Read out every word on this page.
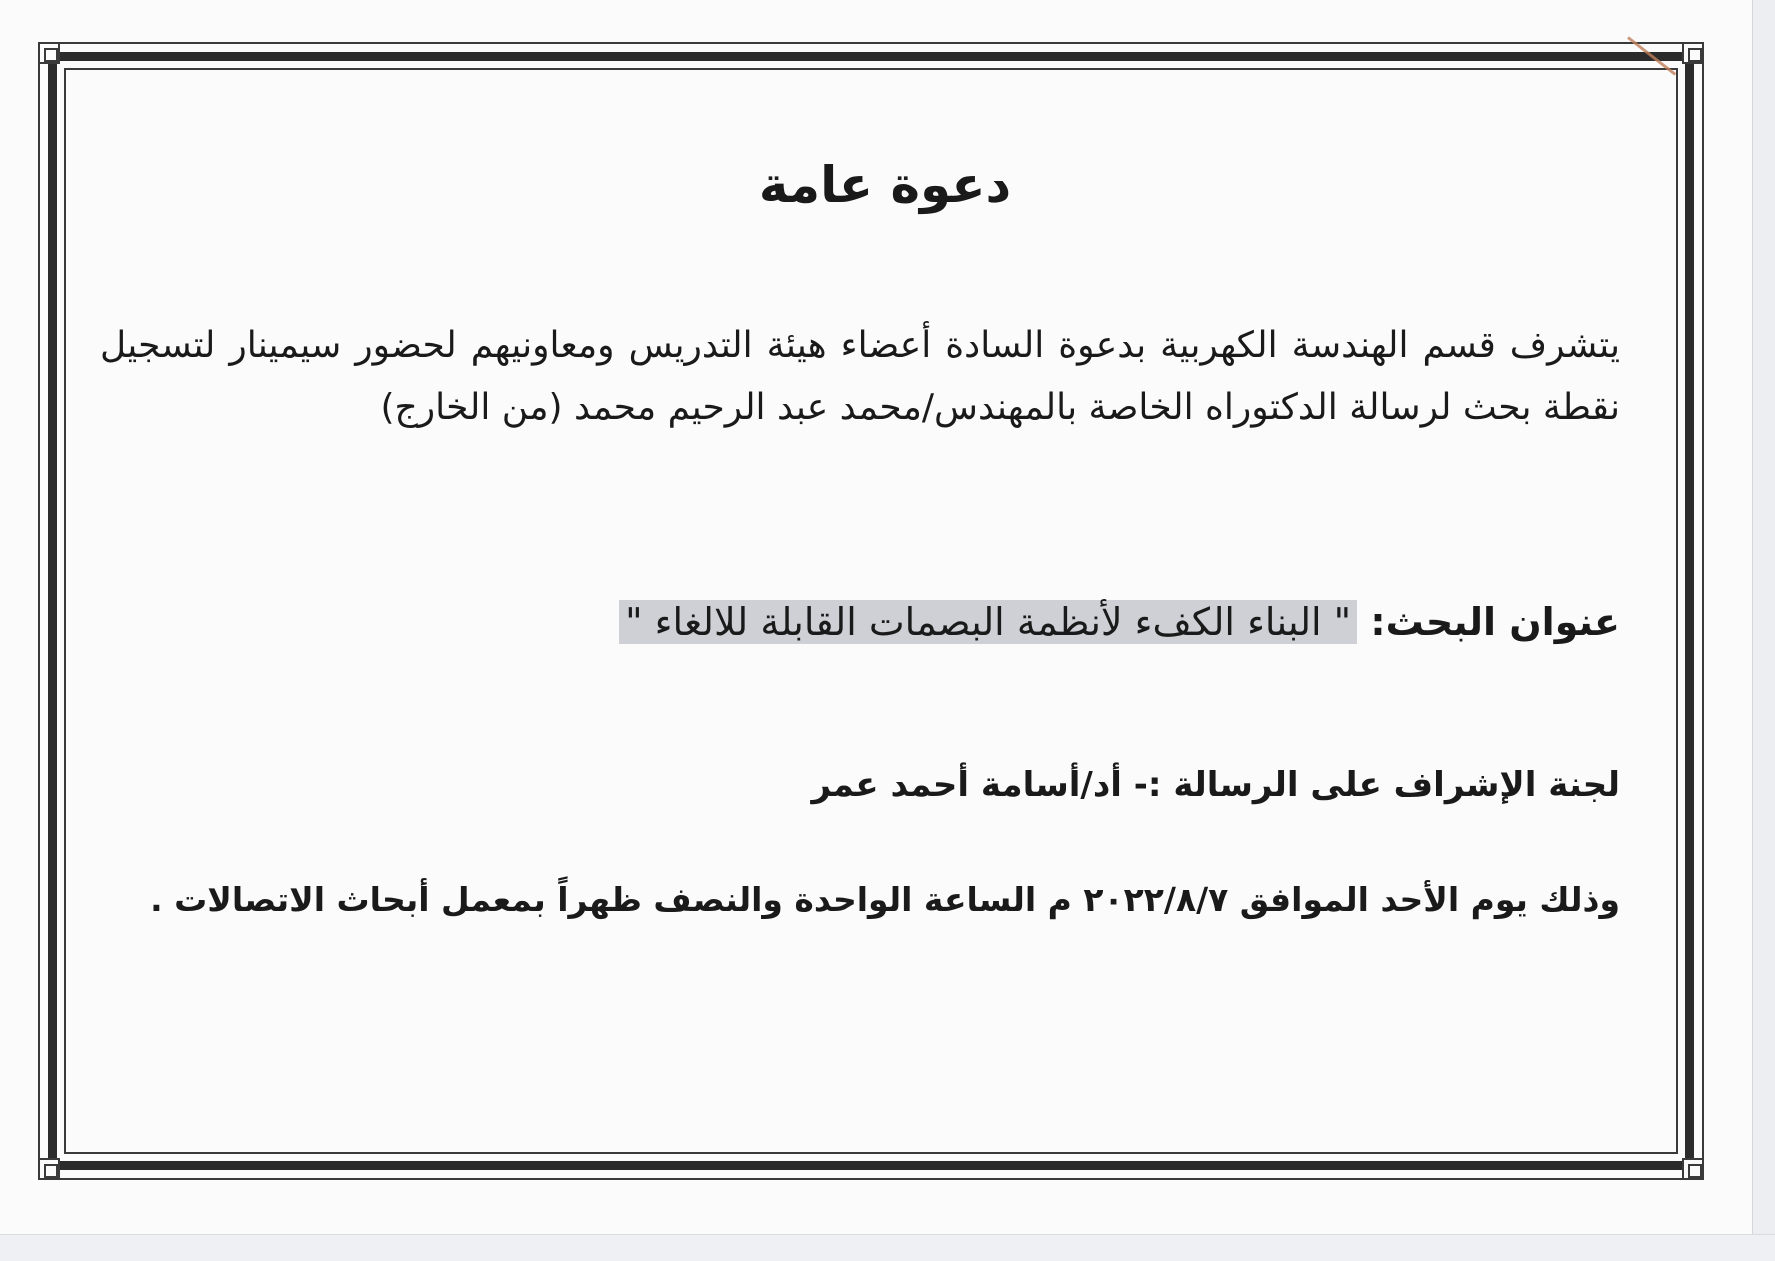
دعوة عامة
يتشرف قسم الهندسة الكهربية بدعوة السادة أعضاء هيئة التدريس ومعاونيهم لحضور سيمينار لتسجيل نقطة بحث لرسالة الدكتوراه الخاصة بالمهندس/محمد عبد الرحيم محمد (من الخارج)
عنوان البحث: " البناء الكفء لأنظمة البصمات القابلة للالغاء "
لجنة الإشراف على الرسالة :- أد/أسامة أحمد عمر
وذلك يوم الأحد الموافق ٢٠٢٢/٨/٧ م الساعة الواحدة والنصف ظهراً بمعمل أبحاث الاتصالات .
